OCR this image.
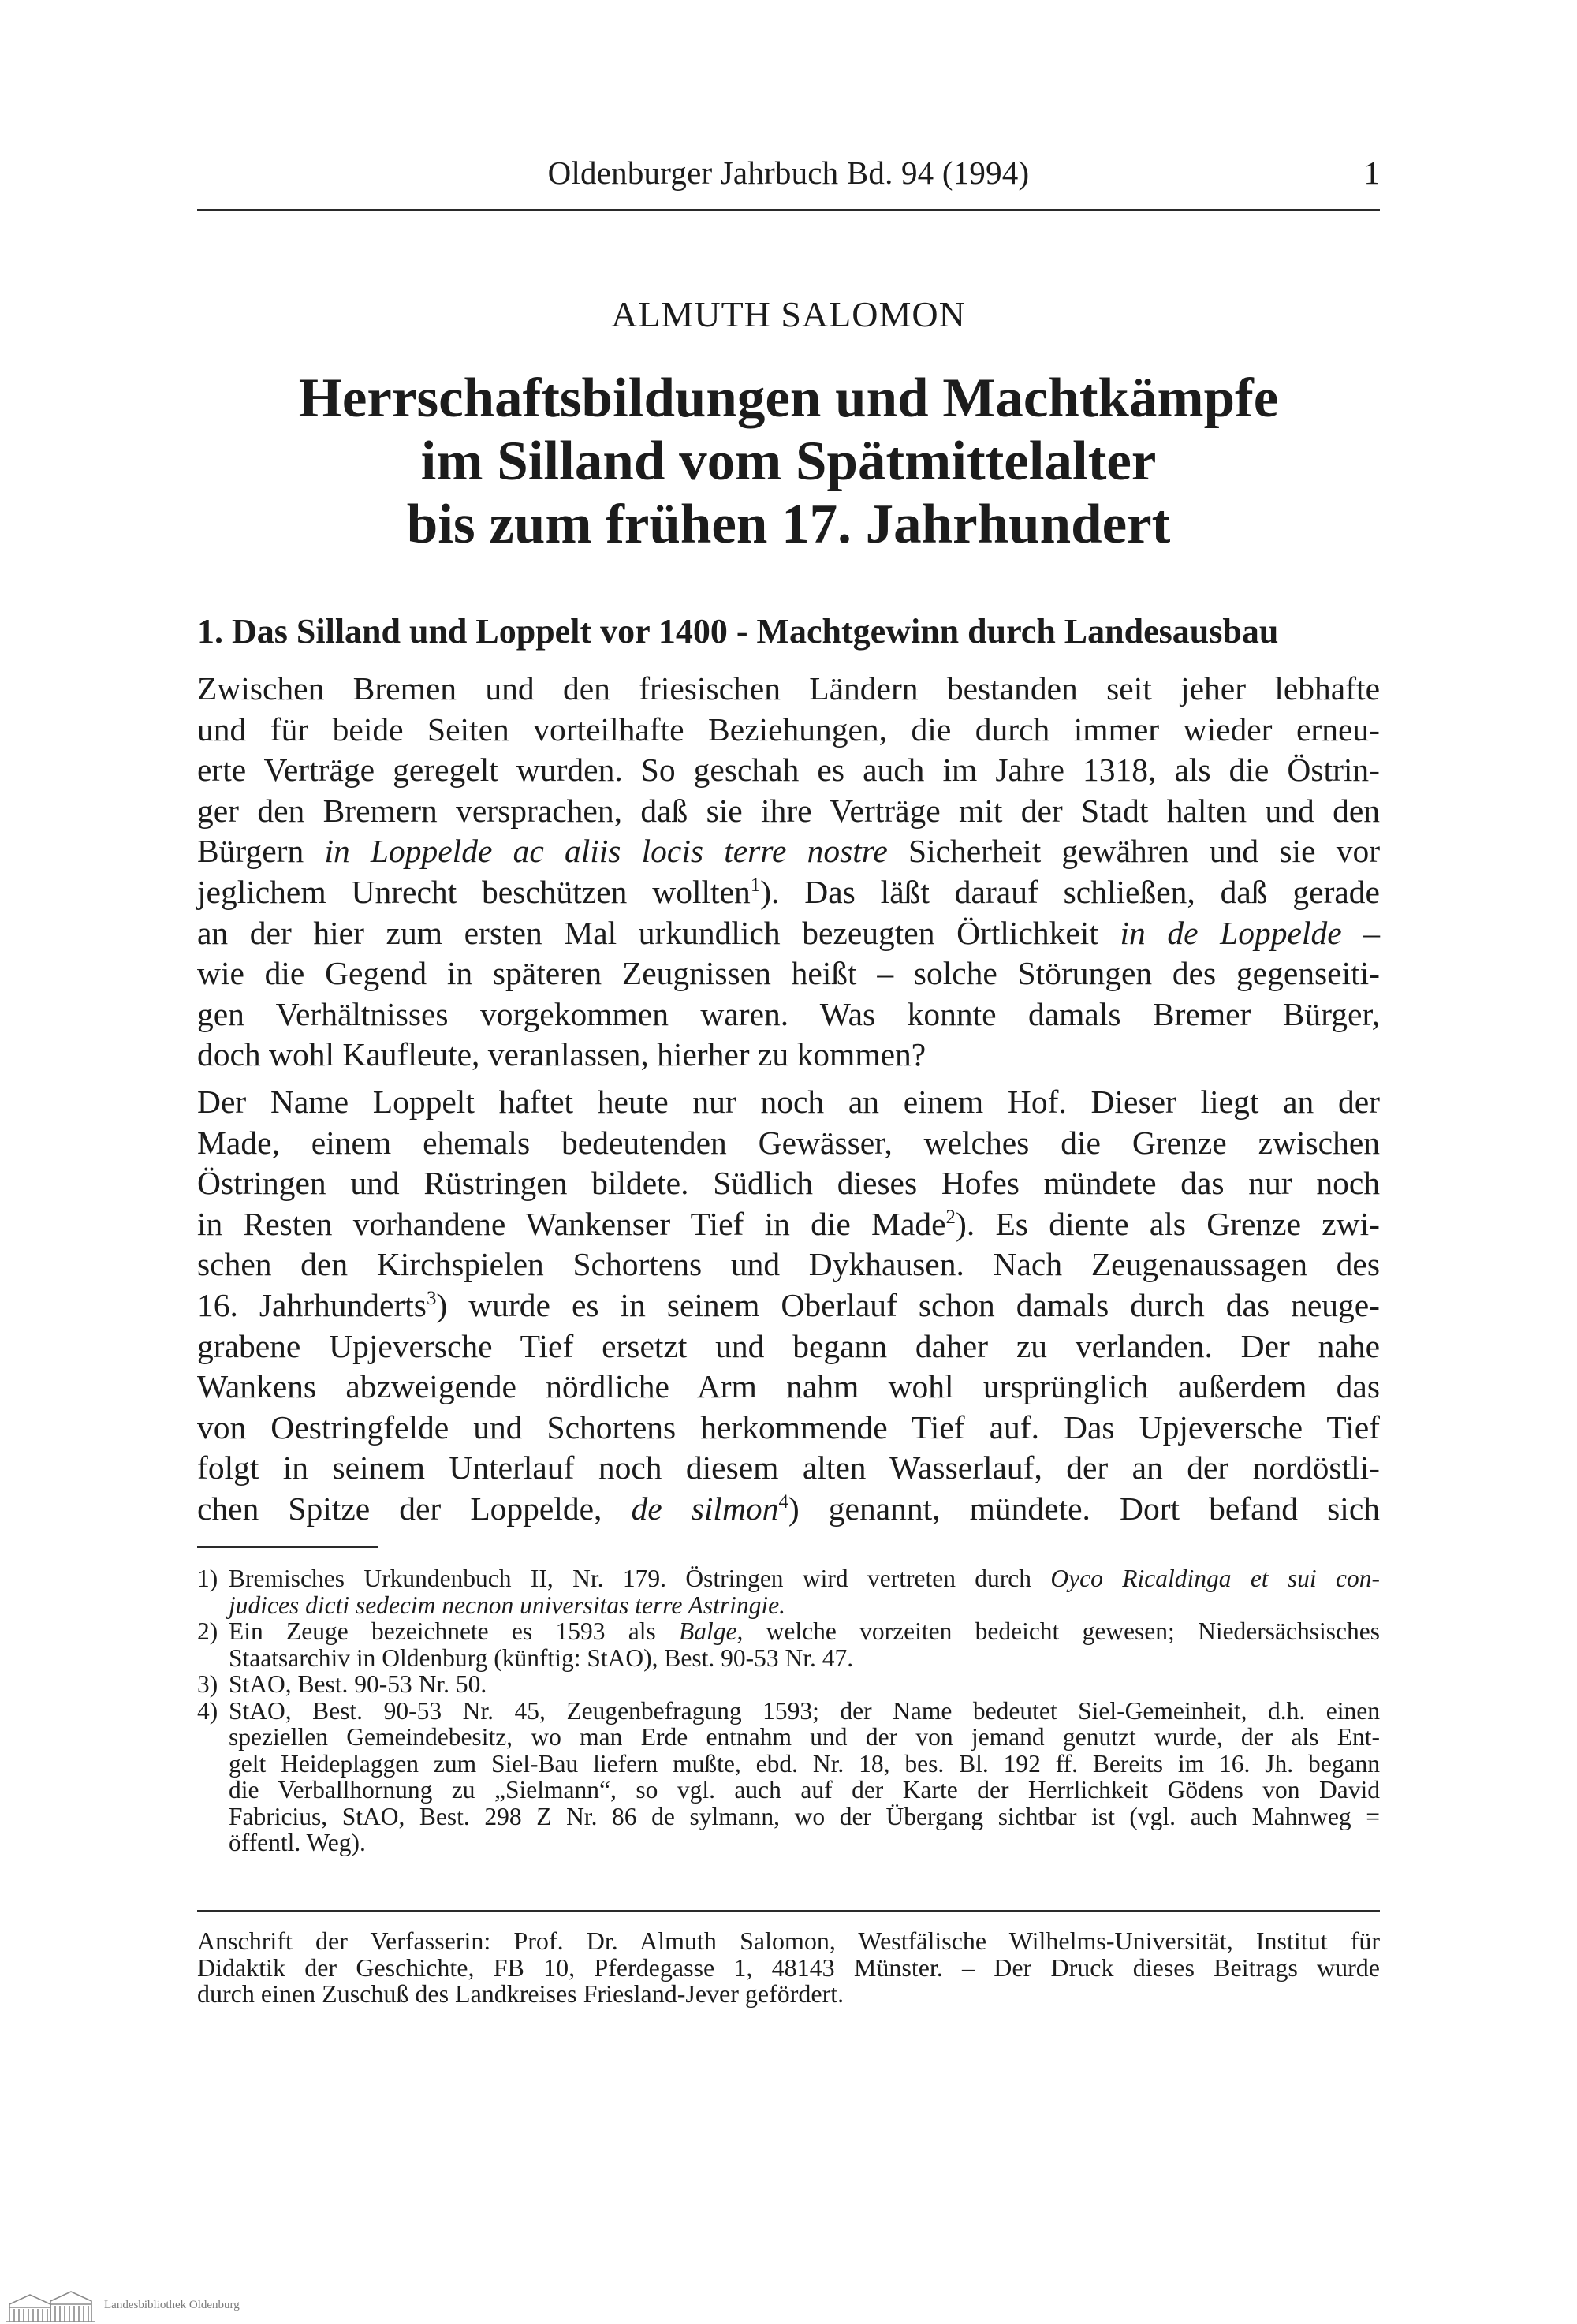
Oldenburger Jahrbuch Bd. 94 (1994)	1
ALMUTH SALOMON
Herrschaftsbildungen und Machtkämpfe
im Silland vom Spätmittelalter
bis zum frühen 17. Jahrhundert
1. Das Silland und Loppelt vor 1400 - Machtgewinn durch Landesausbau
Zwischen Bremen und den friesischen Ländern bestanden seit jeher lebhafte
und für beide Seiten vorteilhafte Beziehungen, die durch immer wieder erneu-
erte Verträge geregelt wurden. So geschah es auch im Jahre 1318, als die Östrin-
ger den Bremern versprachen, daß sie ihre Verträge mit der Stadt halten und den
Bürgern in Loppelde ac aliis locis terre nostre Sicherheit gewähren und sie vor
jeglichem Unrecht beschützen wollten$^1$). Das läßt darauf schließen, daß gerade
an der hier zum ersten Mal urkundlich bezeugten Örtlichkeit in de Loppelde –
wie die Gegend in späteren Zeugnissen heißt – solche Störungen des gegenseiti-
gen Verhältnisses vorgekommen waren. Was konnte damals Bremer Bürger,
doch wohl Kaufleute, veranlassen, hierher zu kommen?
Der Name Loppelt haftet heute nur noch an einem Hof. Dieser liegt an der
Made, einem ehemals bedeutenden Gewässer, welches die Grenze zwischen
Östringen und Rüstringen bildete. Südlich dieses Hofes mündete das nur noch
in Resten vorhandene Wankenser Tief in die Made$^2$). Es diente als Grenze zwi-
schen den Kirchspielen Schortens und Dykhausen. Nach Zeugenaussagen des
16. Jahrhunderts$^3$) wurde es in seinem Oberlauf schon damals durch das neuge-
grabene Upjeversche Tief ersetzt und begann daher zu verlanden. Der nahe
Wankens abzweigende nördliche Arm nahm wohl ursprünglich außerdem das
von Oestringfelde und Schortens herkommende Tief auf. Das Upjeversche Tief
folgt in seinem Unterlauf noch diesem alten Wasserlauf, der an der nordöstli-
chen Spitze der Loppelde, de silmon$^4$) genannt, mündete. Dort befand sich
1) Bremisches Urkundenbuch II, Nr. 179. Östringen wird vertreten durch Oyco Ricaldinga et sui con-
judices dicti sedecim necnon universitas terre Astringie.
2) Ein Zeuge bezeichnete es 1593 als Balge, welche vorzeiten bedeicht gewesen; Niedersächsisches
Staatsarchiv in Oldenburg (künftig: StAO), Best. 90-53 Nr. 47.
3) StAO, Best. 90-53 Nr. 50.
4) StAO, Best. 90-53 Nr. 45, Zeugenbefragung 1593; der Name bedeutet Siel-Gemeinheit, d.h. einen
speziellen Gemeindebesitz, wo man Erde entnahm und der von jemand genutzt wurde, der als Ent-
gelt Heideplaggen zum Siel-Bau liefern mußte, ebd. Nr. 18, bes. Bl. 192 ff. Bereits im 16. Jh. begann
die Verballhornung zu „Sielmann“, so vgl. auch auf der Karte der Herrlichkeit Gödens von David
Fabricius, StAO, Best. 298 Z Nr. 86 de sylmann, wo der Übergang sichtbar ist (vgl. auch Mahnweg =
öffentl. Weg).
Anschrift der Verfasserin: Prof. Dr. Almuth Salomon, Westfälische Wilhelms-Universität, Institut für
Didaktik der Geschichte, FB 10, Pferdegasse 1, 48143 Münster. – Der Druck dieses Beitrags wurde
durch einen Zuschuß des Landkreises Friesland-Jever gefördert.
Landesbibliothek Oldenburg
